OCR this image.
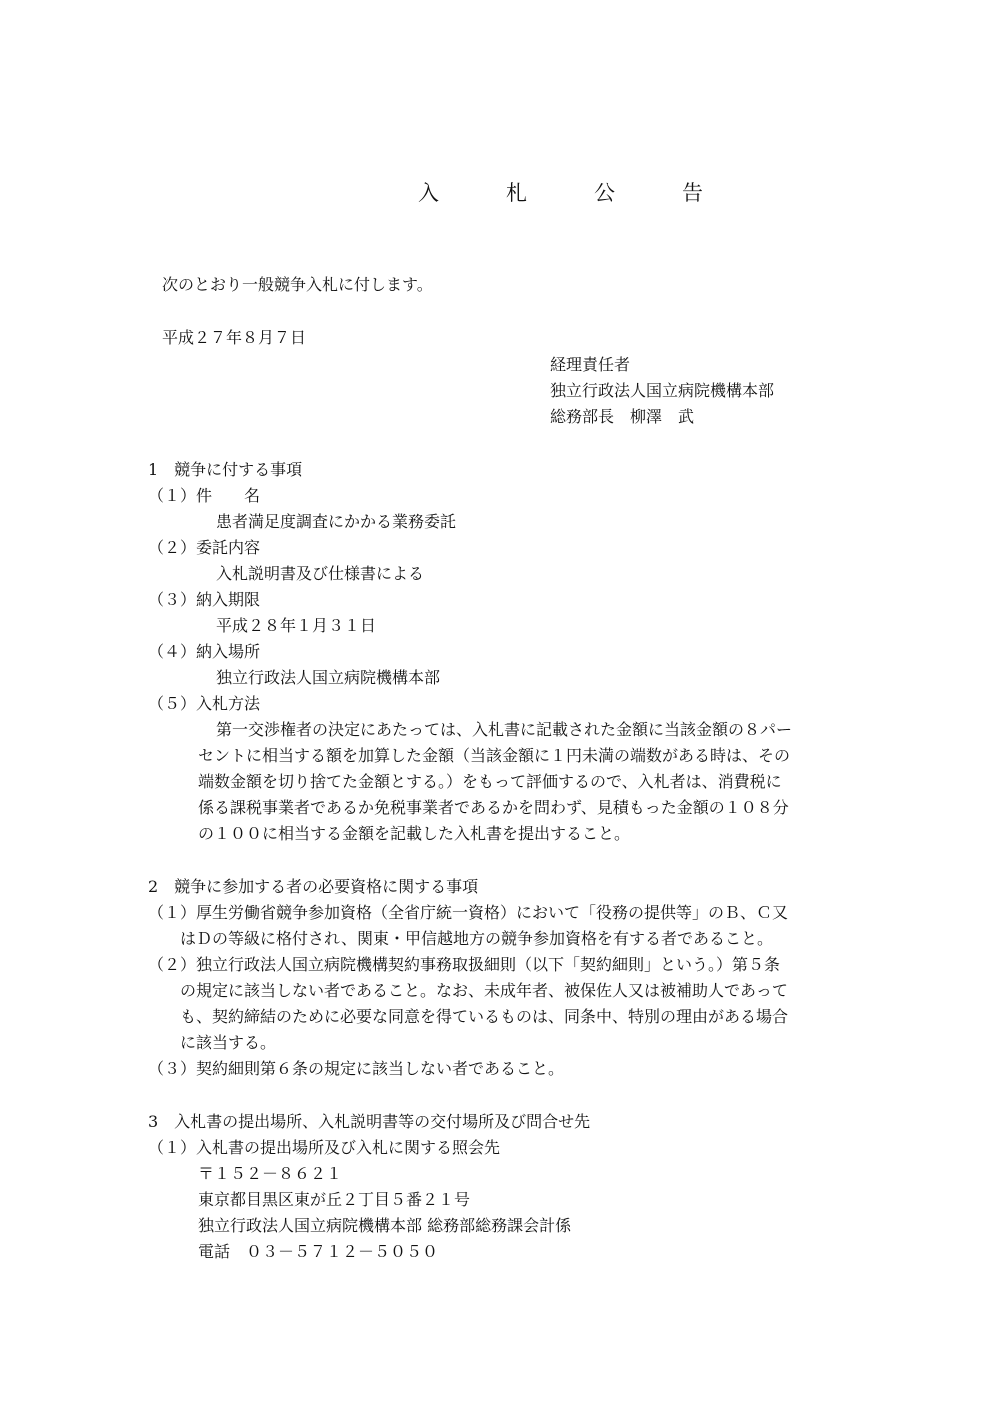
入　札　公　告

次のとおり一般競争入札に付します。

平成２７年８月７日

経理責任者

独立行政法人国立病院機構本部

総務部長　柳澤　武

1　競争に付する事項

（１）件　　名

患者満足度調査にかかる業務委託

（２）委託内容

入札説明書及び仕様書による

（３）納入期限

平成２８年１月３１日

（４）納入場所

独立行政法人国立病院機構本部

（５）入札方法

第一交渉権者の決定にあたっては、入札書に記載された金額に当該金額の８パー

セントに相当する額を加算した金額（当該金額に１円未満の端数がある時は、その

端数金額を切り捨てた金額とする。）をもって評価するので、入札者は、消費税に

係る課税事業者であるか免税事業者であるかを問わず、見積もった金額の１０８分

の１００に相当する金額を記載した入札書を提出すること。

2　競争に参加する者の必要資格に関する事項

（１）厚生労働省競争参加資格（全省庁統一資格）において「役務の提供等」のＢ、Ｃ又

はＤの等級に格付され、関東・甲信越地方の競争参加資格を有する者であること。

（２）独立行政法人国立病院機構契約事務取扱細則（以下「契約細則」という。）第５条

の規定に該当しない者であること。なお、未成年者、被保佐人又は被補助人であって

も、契約締結のために必要な同意を得ているものは、同条中、特別の理由がある場合

に該当する。

（３）契約細則第６条の規定に該当しない者であること。

3　入札書の提出場所、入札説明書等の交付場所及び問合せ先

（１）入札書の提出場所及び入札に関する照会先

〒１５２－８６２１

東京都目黒区東が丘２丁目５番２１号

独立行政法人国立病院機構本部 総務部総務課会計係

電話　０３－５７１２－５０５０
